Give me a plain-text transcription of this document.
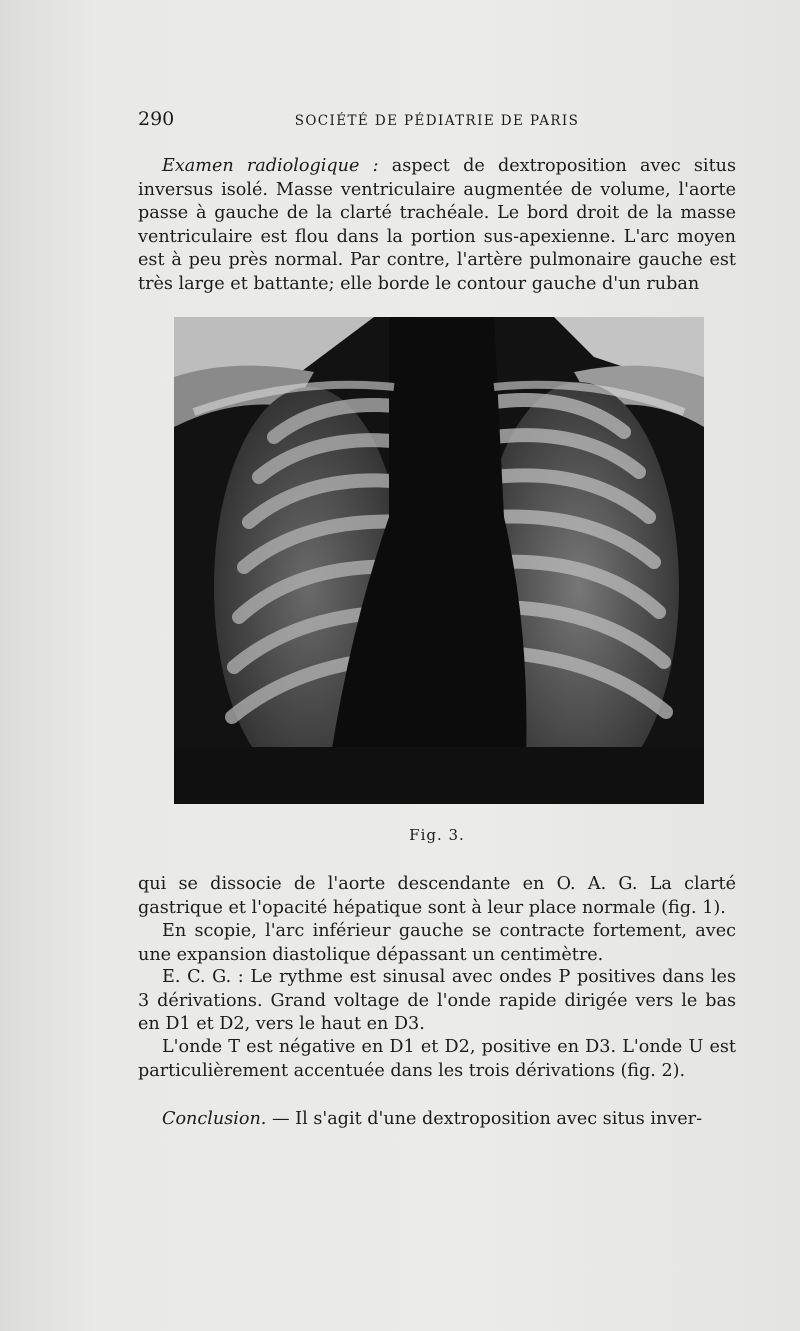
290	SOCIÉTÉ DE PÉDIATRIE DE PARIS

Examen radiologique : aspect de dextroposition avec situs inversus isolé. Masse ventriculaire augmentée de volume, l'aorte passe à gauche de la clarté trachéale. Le bord droit de la masse ventriculaire est flou dans la portion sus-apexienne. L'arc moyen est à peu près normal. Par contre, l'artère pulmonaire gauche est très large et battante; elle borde le contour gauche d'un ruban

Fig. 3.

qui se dissocie de l'aorte descendante en O. A. G. La clarté gastrique et l'opacité hépatique sont à leur place normale (fig. 1).

En scopie, l'arc inférieur gauche se contracte fortement, avec une expansion diastolique dépassant un centimètre.

E. C. G. : Le rythme est sinusal avec ondes P positives dans les 3 dérivations. Grand voltage de l'onde rapide dirigée vers le bas en D1 et D2, vers le haut en D3.

L'onde T est négative en D1 et D2, positive en D3. L'onde U est particulièrement accentuée dans les trois dérivations (fig. 2).

Conclusion. — Il s'agit d'une dextroposition avec situs inver-
